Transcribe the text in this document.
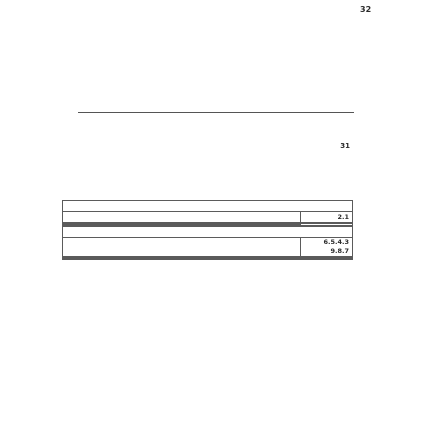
32
31

			2.1

			6.5.4.3
9.8.7
